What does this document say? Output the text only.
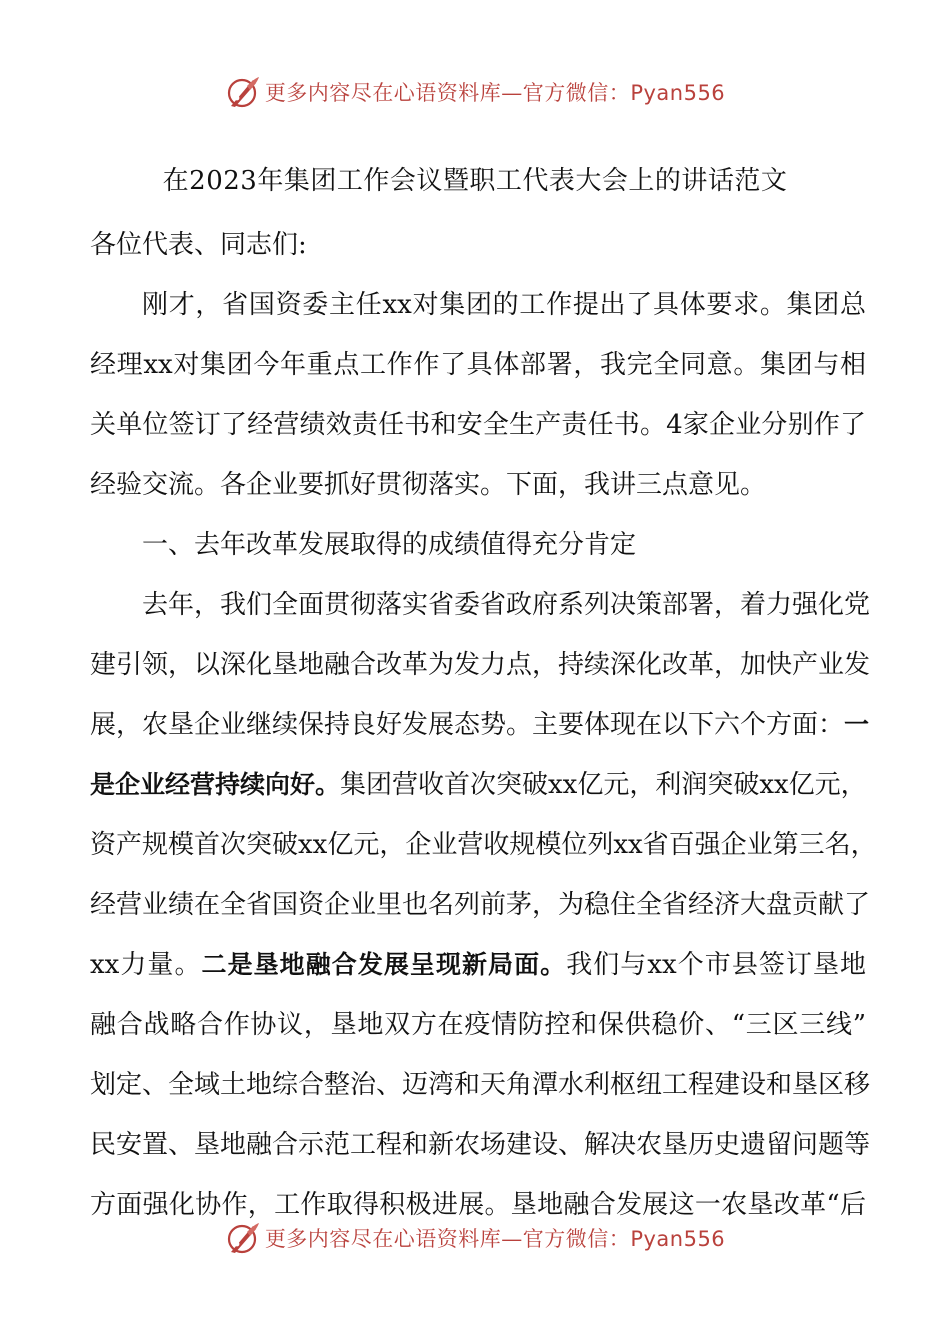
更多内容尽在心语资料库—官方微信：Pyan556
在2023年集团工作会议暨职工代表大会上的讲话范文
各位代表、同志们:
刚才，省国资委主任xx对集团的工作提出了具体要求。集团总
经理xx对集团今年重点工作作了具体部署，我完全同意。集团与相
关单位签订了经营绩效责任书和安全生产责任书。4家企业分别作了
经验交流。各企业要抓好贯彻落实。下面，我讲三点意见。
一、去年改革发展取得的成绩值得充分肯定
去年，我们全面贯彻落实省委省政府系列决策部署，着力强化党
建引领，以深化垦地融合改革为发力点，持续深化改革，加快产业发
展，农垦企业继续保持良好发展态势。主要体现在以下六个方面：一
是企业经营持续向好。集团营收首次突破xx亿元，利润突破xx亿元，
资产规模首次突破xx亿元，企业营收规模位列xx省百强企业第三名，
经营业绩在全省国资企业里也名列前茅，为稳住全省经济大盘贡献了
xx力量。二是垦地融合发展呈现新局面。我们与xx个市县签订垦地
融合战略合作协议，垦地双方在疫情防控和保供稳价、“三区三线”
划定、全域土地综合整治、迈湾和天角潭水利枢纽工程建设和垦区移
民安置、垦地融合示范工程和新农场建设、解决农垦历史遗留问题等
方面强化协作，工作取得积极进展。垦地融合发展这一农垦改革“后
更多内容尽在心语资料库—官方微信：Pyan556
